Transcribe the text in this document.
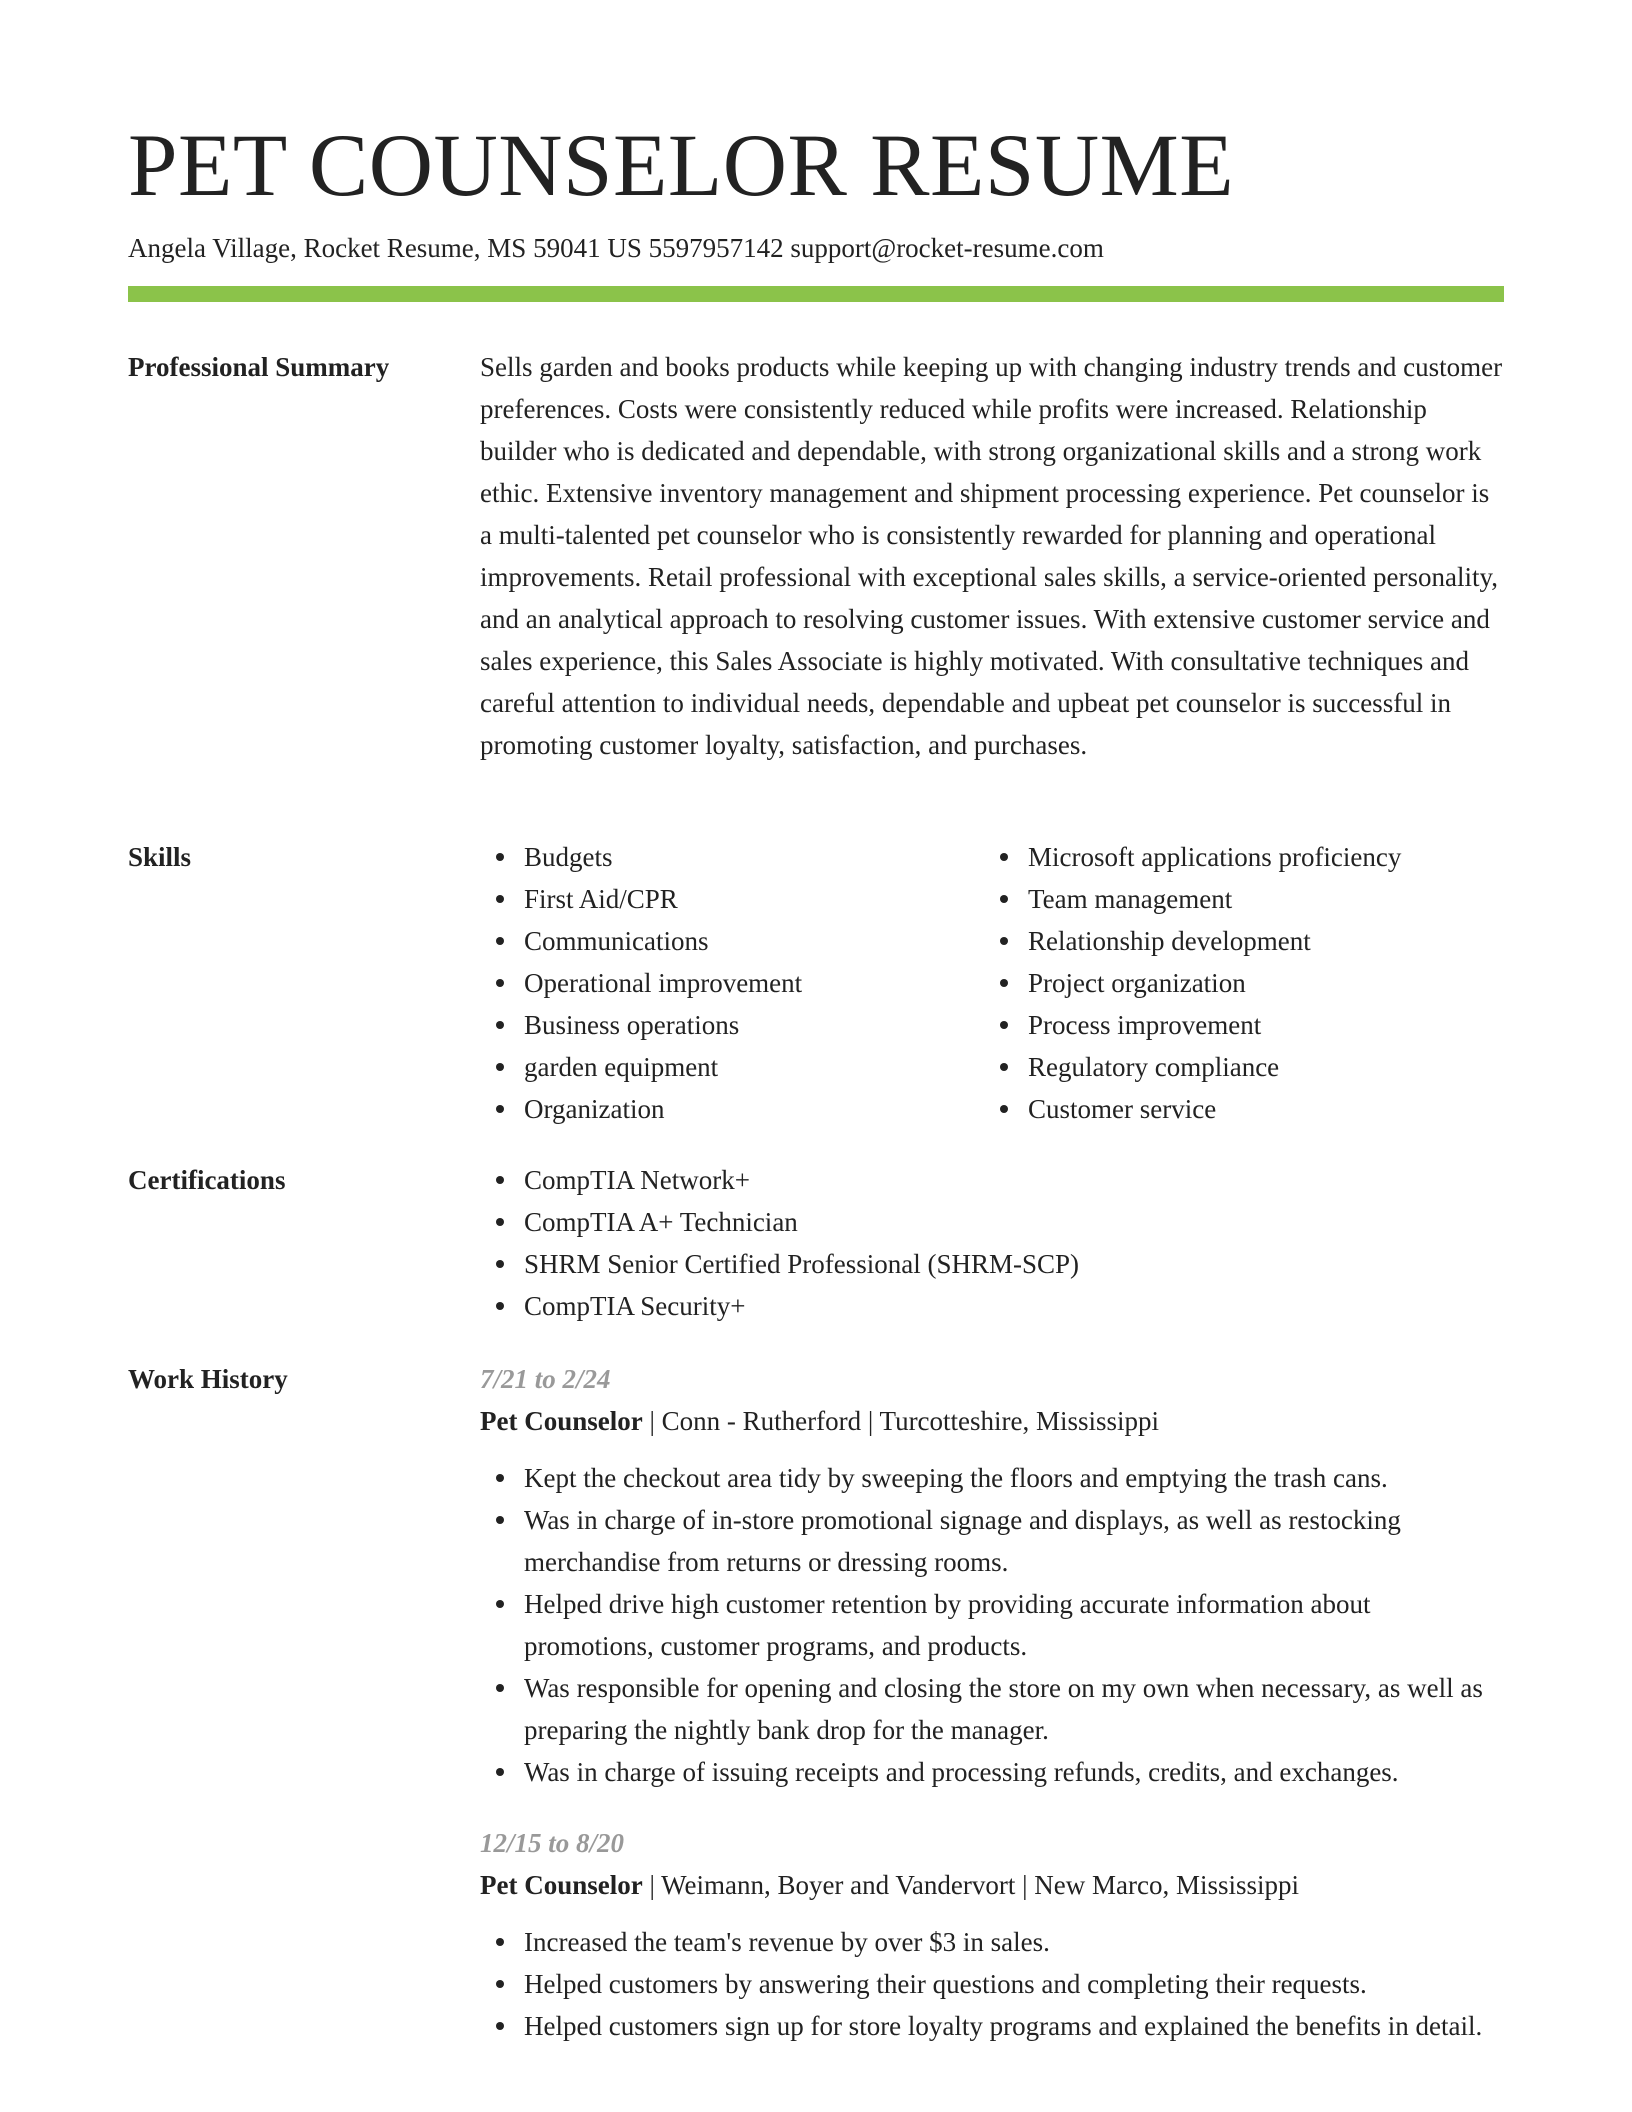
PET COUNSELOR RESUME
Angela Village, Rocket Resume, MS 59041 US 5597957142 support@rocket-resume.com
Professional Summary	Sells garden and books products while keeping up with changing industry trends and customer preferences. Costs were consistently reduced while profits were increased. Relationship builder who is dedicated and dependable, with strong organizational skills and a strong work ethic. Extensive inventory management and shipment processing experience. Pet counselor is a multi-talented pet counselor who is consistently rewarded for planning and operational improvements. Retail professional with exceptional sales skills, a service-oriented personality, and an analytical approach to resolving customer issues. With extensive customer service and sales experience, this Sales Associate is highly motivated. With consultative techniques and careful attention to individual needs, dependable and upbeat pet counselor is successful in promoting customer loyalty, satisfaction, and purchases.

Skills	Budgets
First Aid/CPR
Communications
Operational improvement
Business operations
garden equipment
Organization
Microsoft applications proficiency
Team management
Relationship development
Project organization
Process improvement
Regulatory compliance
Customer service
Certifications	CompTIA Network+
CompTIA A+ Technician
SHRM Senior Certified Professional (SHRM-SCP)
CompTIA Security+
Work History	7/21 to 2/24
Pet Counselor | Conn - Rutherford | Turcotteshire, Mississippi
Kept the checkout area tidy by sweeping the floors and emptying the trash cans.
Was in charge of in-store promotional signage and displays, as well as restocking merchandise from returns or dressing rooms.
Helped drive high customer retention by providing accurate information about promotions, customer programs, and products.
Was responsible for opening and closing the store on my own when necessary, as well as preparing the nightly bank drop for the manager.
Was in charge of issuing receipts and processing refunds, credits, and exchanges.
12/15 to 8/20
Pet Counselor | Weimann, Boyer and Vandervort | New Marco, Mississippi
Increased the team's revenue by over $3 in sales.
Helped customers by answering their questions and completing their requests.
Helped customers sign up for store loyalty programs and explained the benefits in detail.
